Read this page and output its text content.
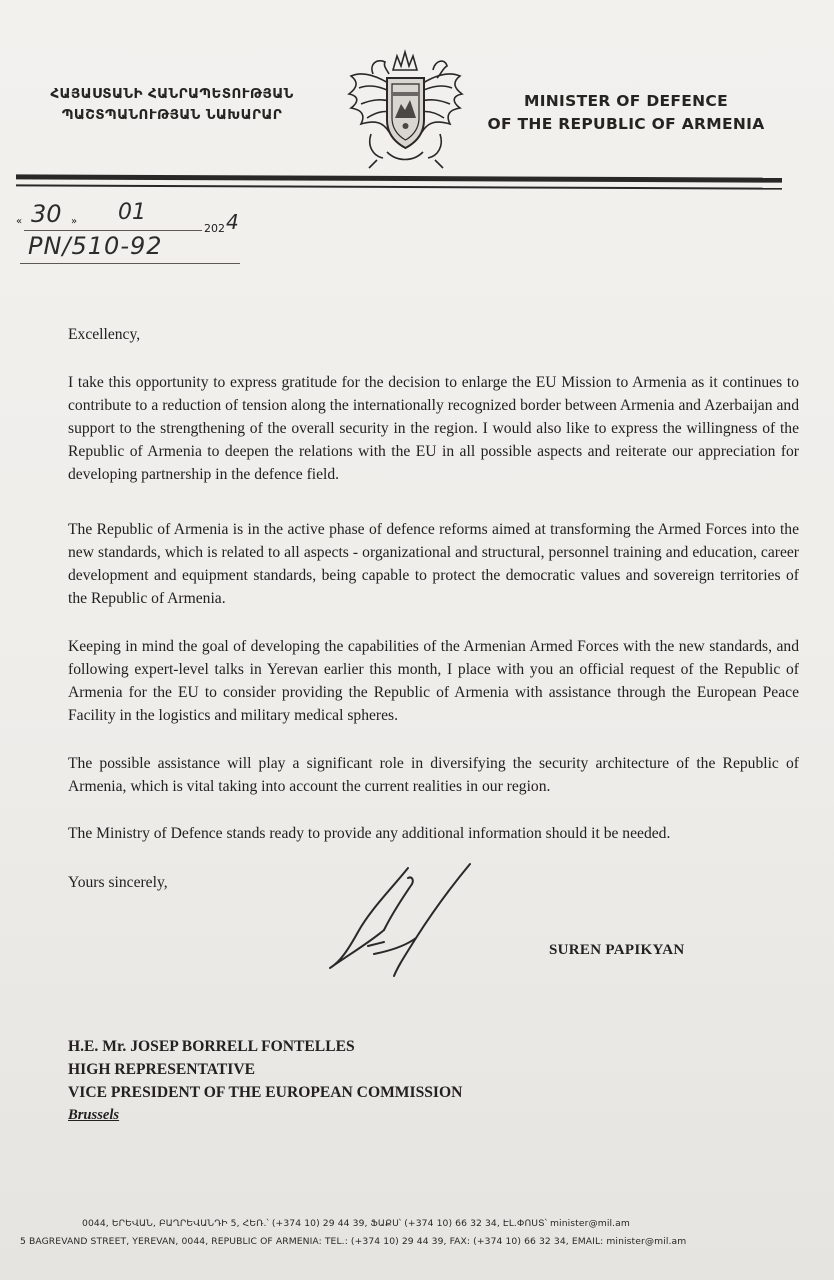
ՀԱՅԱՍՏԱՆԻ ՀԱՆՐԱՊԵՏՈՒԹՅԱՆ
ՊԱՇՏՊԱՆՈՒԹՅԱՆ ՆԱԽԱՐԱՐ
MINISTER OF DEFENCE
OF THE REPUBLIC OF ARMENIA
« 30 » 01
202 4
PN/510-92
Excellency,
I take this opportunity to express gratitude for the decision to enlarge the EU Mission to Armenia as it continues to contribute to a reduction of tension along the internationally recognized border between Armenia and Azerbaijan and support to the strengthening of the overall security in the region. I would also like to express the willingness of the Republic of Armenia to deepen the relations with the EU in all possible aspects and reiterate our appreciation for developing partnership in the defence field.
The Republic of Armenia is in the active phase of defence reforms aimed at transforming the Armed Forces into the new standards, which is related to all aspects - organizational and structural, personnel training and education, career development and equipment standards, being capable to protect the democratic values and sovereign territories of the Republic of Armenia.
Keeping in mind the goal of developing the capabilities of the Armenian Armed Forces with the new standards, and following expert-level talks in Yerevan earlier this month, I place with you an official request of the Republic of Armenia for the EU to consider providing the Republic of Armenia with assistance through the European Peace Facility in the logistics and military medical spheres.
The possible assistance will play a significant role in diversifying the security architecture of the Republic of Armenia, which is vital taking into account the current realities in our region.
The Ministry of Defence stands ready to provide any additional information should it be needed.
Yours sincerely,
SUREN PAPIKYAN
H.E. Mr. JOSEP BORRELL FONTELLES
HIGH REPRESENTATIVE
VICE PRESIDENT OF THE EUROPEAN COMMISSION
Brussels
0044, ԵՐԵՎԱՆ, ԲԱՂՐԵՎԱՆԴԻ 5, ՀԵՌ.՝ (+374 10) 29 44 39, ՖԱՔՍ՝ (+374 10) 66 32 34, ԷԼ.ՓՈՍՏ՝ minister@mil.am
5 BAGREVAND STREET, YEREVAN, 0044, REPUBLIC OF ARMENIA: TEL.: (+374 10) 29 44 39, FAX: (+374 10) 66 32 34, EMAIL: minister@mil.am
